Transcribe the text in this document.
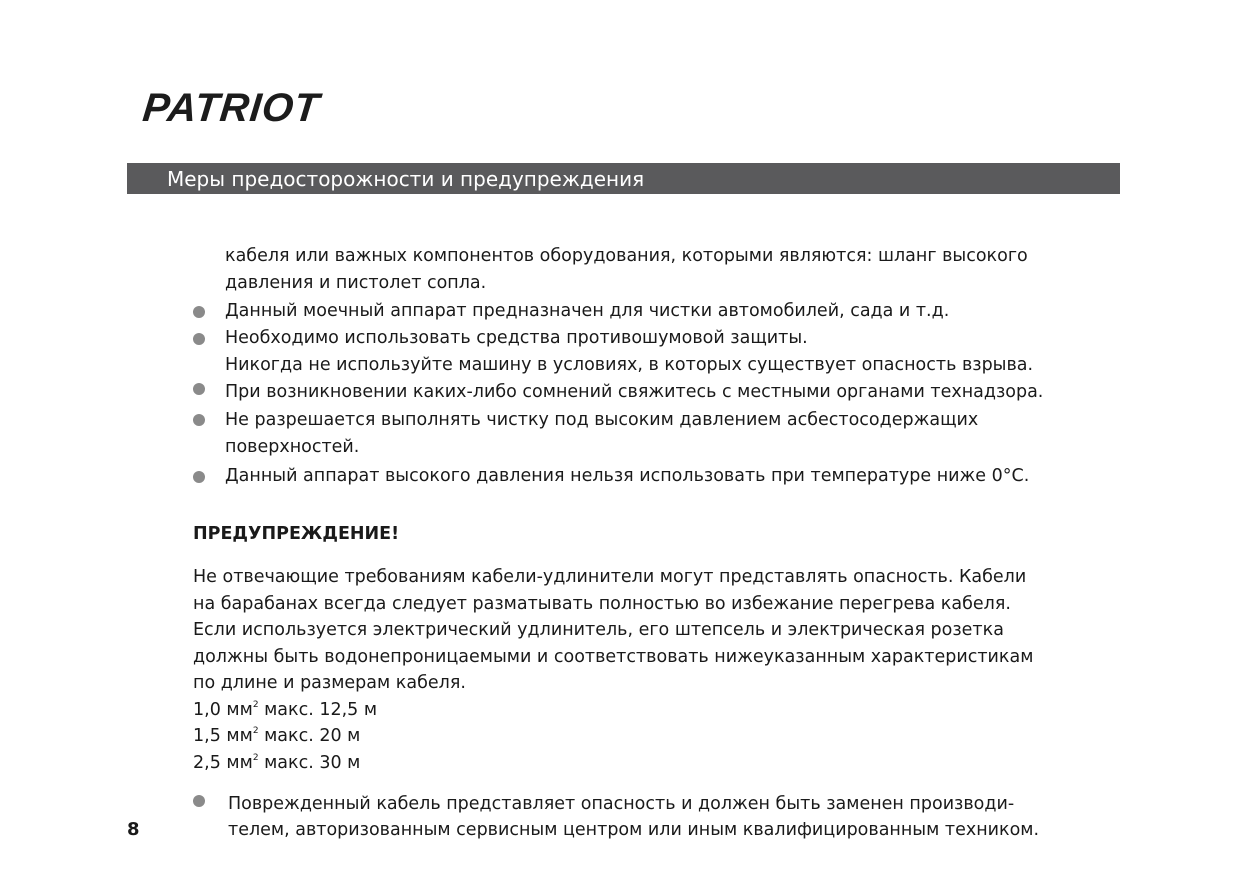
PATRIOT
Меры предосторожности и предупреждения
кабеля или важных компонентов оборудования, которыми являются: шланг высокого
давления и пистолет сопла.
Данный моечный аппарат предназначен для чистки автомобилей, сада и т.д.
Необходимо использовать средства противошумовой защиты.
Никогда не используйте машину в условиях, в которых существует опасность взрыва.
При возникновении каких-либо сомнений свяжитесь с местными органами технадзора.
Не разрешается выполнять чистку под высоким давлением асбестосодержащих
поверхностей.
Данный аппарат высокого давления нельзя использовать при температуре ниже 0°С.
ПРЕДУПРЕЖДЕНИЕ!
Не отвечающие требованиям кабели-удлинители могут представлять опасность. Кабели
на барабанах всегда следует разматывать полностью во избежание перегрева кабеля.
Если используется электрический удлинитель, его штепсель и электрическая розетка
должны быть водонепроницаемыми и соответствовать нижеуказанным характеристикам
по длине и размерам кабеля.
1,0 $мм^2$ макс. 12,5 м
1,5 $мм^2$ макс. 20 м
2,5 $мм^2$ макс. 30 м
Поврежденный кабель представляет опасность и должен быть заменен производи-
телем, авторизованным сервисным центром или иным квалифицированным техником.
8
